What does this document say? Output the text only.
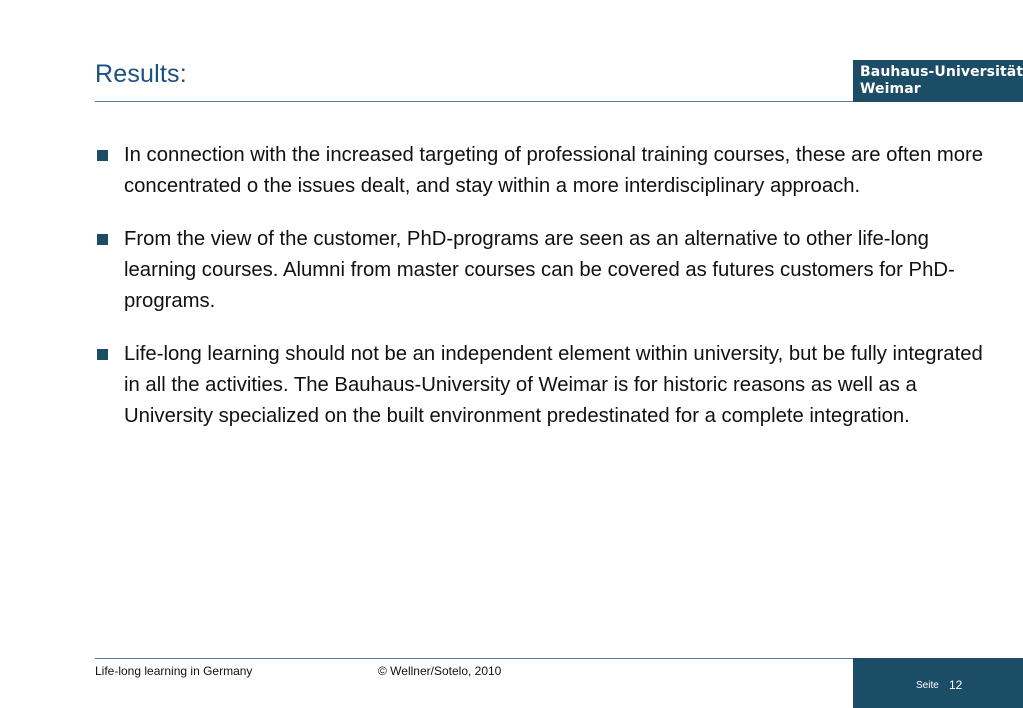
Results:	Bauhaus-Universität
Weimar
In connection with the increased targeting of professional training courses, these are often more concentrated o the issues dealt, and stay within a more interdisciplinary approach.
From the view of the customer, PhD-programs are seen as an alternative to other life-long learning courses. Alumni from master courses can be covered as futures customers for PhD-programs.
Life-long learning should not be an independent element within university, but be fully integrated in all the activities. The Bauhaus-University of Weimar is for historic reasons as well as a University specialized on the built environment predestinated for a complete integration.
Life-long learning in Germany	© Wellner/Sotelo, 2010
Seite 12
